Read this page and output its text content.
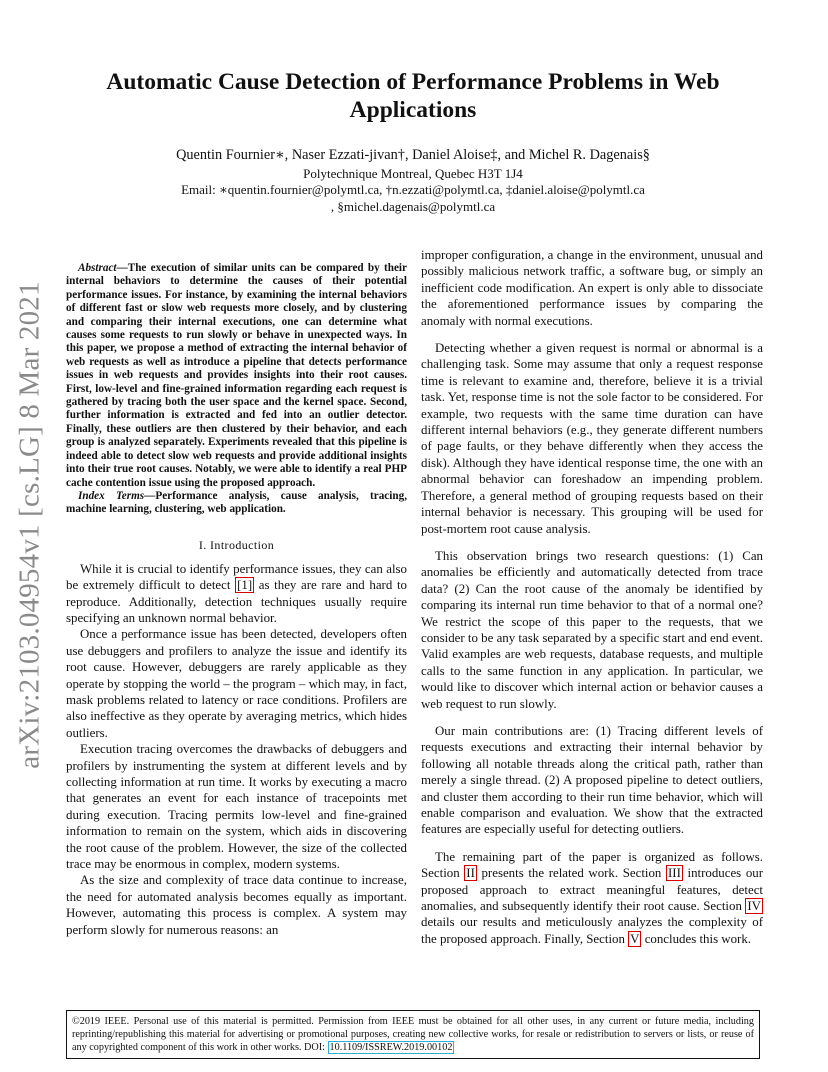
arXiv:2103.04954v1 [cs.LG] 8 Mar 2021
Automatic Cause Detection of Performance Problems in Web Applications
Quentin Fournier∗, Naser Ezzati-jivan†, Daniel Aloise‡, and Michel R. Dagenais§
Polytechnique Montreal, Quebec H3T 1J4
Email: ∗quentin.fournier@polymtl.ca, †n.ezzati@polymtl.ca, ‡daniel.aloise@polymtl.ca
, §michel.dagenais@polymtl.ca

Abstract—The execution of similar units can be compared by their internal behaviors to determine the causes of their potential performance issues. For instance, by examining the internal behaviors of different fast or slow web requests more closely, and by clustering and comparing their internal executions, one can determine what causes some requests to run slowly or behave in unexpected ways. In this paper, we propose a method of extracting the internal behavior of web requests as well as introduce a pipeline that detects performance issues in web requests and provides insights into their root causes. First, low-level and fine-grained information regarding each request is gathered by tracing both the user space and the kernel space. Second, further information is extracted and fed into an outlier detector. Finally, these outliers are then clustered by their behavior, and each group is analyzed separately. Experiments revealed that this pipeline is indeed able to detect slow web requests and provide additional insights into their true root causes. Notably, we were able to identify a real PHP cache contention issue using the proposed approach.

Index Terms—Performance analysis, cause analysis, tracing, machine learning, clustering, web application.

I. Introduction

While it is crucial to identify performance issues, they can also be extremely difficult to detect [1] as they are rare and hard to reproduce. Additionally, detection techniques usually require specifying an unknown normal behavior.

Once a performance issue has been detected, developers often use debuggers and profilers to analyze the issue and identify its root cause. However, debuggers are rarely applicable as they operate by stopping the world – the program – which may, in fact, mask problems related to latency or race conditions. Profilers are also ineffective as they operate by averaging metrics, which hides outliers.

Execution tracing overcomes the drawbacks of debuggers and profilers by instrumenting the system at different levels and by collecting information at run time. It works by executing a macro that generates an event for each instance of tracepoints met during execution. Tracing permits low-level and fine-grained information to remain on the system, which aids in discovering the root cause of the problem. However, the size of the collected trace may be enormous in complex, modern systems.

As the size and complexity of trace data continue to increase, the need for automated analysis becomes equally as important. However, automating this process is complex. A system may perform slowly for numerous reasons: an

improper configuration, a change in the environment, unusual and possibly malicious network traffic, a software bug, or simply an inefficient code modification. An expert is only able to dissociate the aforementioned performance issues by comparing the anomaly with normal executions.

Detecting whether a given request is normal or abnormal is a challenging task. Some may assume that only a request response time is relevant to examine and, therefore, believe it is a trivial task. Yet, response time is not the sole factor to be considered. For example, two requests with the same time duration can have different internal behaviors (e.g., they generate different numbers of page faults, or they behave differently when they access the disk). Although they have identical response time, the one with an abnormal behavior can foreshadow an impending problem. Therefore, a general method of grouping requests based on their internal behavior is necessary. This grouping will be used for post-mortem root cause analysis.

This observation brings two research questions: (1) Can anomalies be efficiently and automatically detected from trace data? (2) Can the root cause of the anomaly be identified by comparing its internal run time behavior to that of a normal one? We restrict the scope of this paper to the requests, that we consider to be any task separated by a specific start and end event. Valid examples are web requests, database requests, and multiple calls to the same function in any application. In particular, we would like to discover which internal action or behavior causes a web request to run slowly.

Our main contributions are: (1) Tracing different levels of requests executions and extracting their internal behavior by following all notable threads along the critical path, rather than merely a single thread. (2) A proposed pipeline to detect outliers, and cluster them according to their run time behavior, which will enable comparison and evaluation. We show that the extracted features are especially useful for detecting outliers.

The remaining part of the paper is organized as follows. Section II presents the related work. Section III introduces our proposed approach to extract meaningful features, detect anomalies, and subsequently identify their root cause. Section IV details our results and meticulously analyzes the complexity of the proposed approach. Finally, Section V concludes this work.

©2019 IEEE. Personal use of this material is permitted. Permission from IEEE must be obtained for all other uses, in any current or future media, including reprinting/republishing this material for advertising or promotional purposes, creating new collective works, for resale or redistribution to servers or lists, or reuse of any copyrighted component of this work in other works. DOI: 10.1109/ISSREW.2019.00102
